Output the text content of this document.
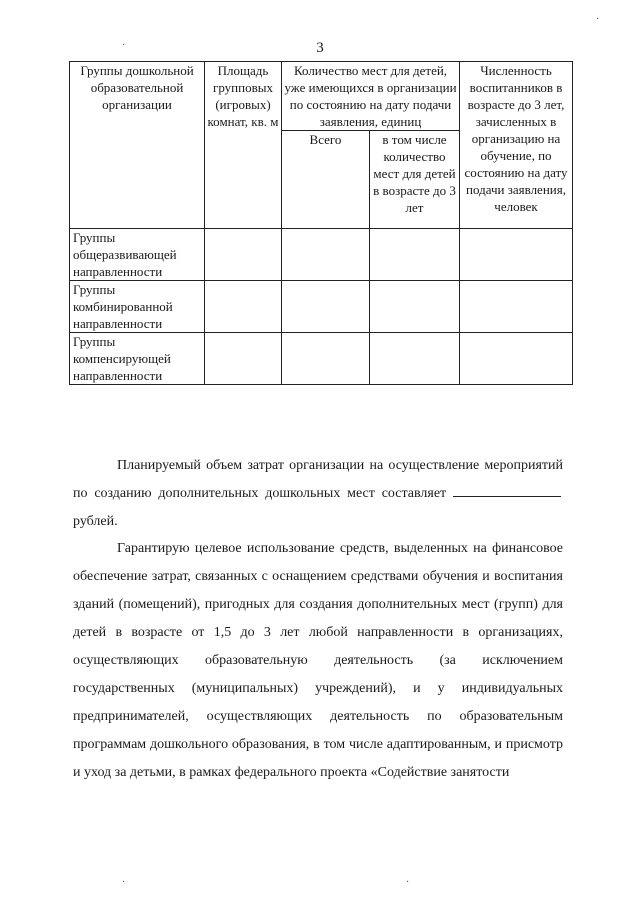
3
Группы дошкольной образовательной организации	Площадь групповых (игровых) комнат, кв. м	Количество мест для детей, уже имеющихся в организации по состоянию на дату подачи заявления, единиц		Численность воспитанников в возрасте до 3 лет, зачисленных в организацию на обучение, по состоянию на дату подачи заявления, человек
		Всего	в том числе количество мест для детей в возрасте до 3 лет	
Группы общеразвивающей направленности				
Группы комбинированной направленности				
Группы компенсирующей направленности				

Планируемый объем затрат организации на осуществление мероприятий по созданию дополнительных дошкольных мест составляет рублей.

Гарантирую целевое использование средств, выделенных на финансовое обеспечение затрат, связанных с оснащением средствами обучения и воспитания зданий (помещений), пригодных для создания дополнительных мест (групп) для детей в возрасте от 1,5 до 3 лет любой направленности в организациях, осуществляющих образовательную деятельность (за исключением государственных (муниципальных) учреждений), и у индивидуальных предпринимателей, осуществляющих деятельность по образовательным программам дошкольного образования, в том числе адаптированным, и присмотр и уход за детьми, в рамках федерального проекта «Содействие занятости

·
·
·	·
